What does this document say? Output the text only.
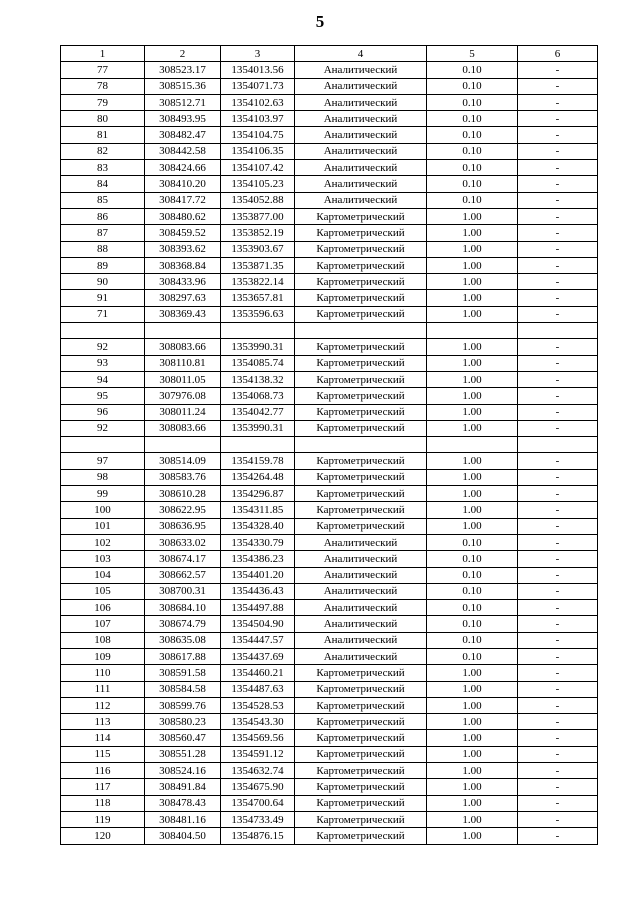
5
1	2	3	4	5	6
77	308523.17	1354013.56	Аналитический	0.10	-
78	308515.36	1354071.73	Аналитический	0.10	-
79	308512.71	1354102.63	Аналитический	0.10	-
80	308493.95	1354103.97	Аналитический	0.10	-
81	308482.47	1354104.75	Аналитический	0.10	-
82	308442.58	1354106.35	Аналитический	0.10	-
83	308424.66	1354107.42	Аналитический	0.10	-
84	308410.20	1354105.23	Аналитический	0.10	-
85	308417.72	1354052.88	Аналитический	0.10	-
86	308480.62	1353877.00	Картометрический	1.00	-
87	308459.52	1353852.19	Картометрический	1.00	-
88	308393.62	1353903.67	Картометрический	1.00	-
89	308368.84	1353871.35	Картометрический	1.00	-
90	308433.96	1353822.14	Картометрический	1.00	-
91	308297.63	1353657.81	Картометрический	1.00	-
71	308369.43	1353596.63	Картометрический	1.00	-

92	308083.66	1353990.31	Картометрический	1.00	-
93	308110.81	1354085.74	Картометрический	1.00	-
94	308011.05	1354138.32	Картометрический	1.00	-
95	307976.08	1354068.73	Картометрический	1.00	-
96	308011.24	1354042.77	Картометрический	1.00	-
92	308083.66	1353990.31	Картометрический	1.00	-

97	308514.09	1354159.78	Картометрический	1.00	-
98	308583.76	1354264.48	Картометрический	1.00	-
99	308610.28	1354296.87	Картометрический	1.00	-
100	308622.95	1354311.85	Картометрический	1.00	-
101	308636.95	1354328.40	Картометрический	1.00	-
102	308633.02	1354330.79	Аналитический	0.10	-
103	308674.17	1354386.23	Аналитический	0.10	-
104	308662.57	1354401.20	Аналитический	0.10	-
105	308700.31	1354436.43	Аналитический	0.10	-
106	308684.10	1354497.88	Аналитический	0.10	-
107	308674.79	1354504.90	Аналитический	0.10	-
108	308635.08	1354447.57	Аналитический	0.10	-
109	308617.88	1354437.69	Аналитический	0.10	-
110	308591.58	1354460.21	Картометрический	1.00	-
111	308584.58	1354487.63	Картометрический	1.00	-
112	308599.76	1354528.53	Картометрический	1.00	-
113	308580.23	1354543.30	Картометрический	1.00	-
114	308560.47	1354569.56	Картометрический	1.00	-
115	308551.28	1354591.12	Картометрический	1.00	-
116	308524.16	1354632.74	Картометрический	1.00	-
117	308491.84	1354675.90	Картометрический	1.00	-
118	308478.43	1354700.64	Картометрический	1.00	-
119	308481.16	1354733.49	Картометрический	1.00	-
120	308404.50	1354876.15	Картометрический	1.00	-
